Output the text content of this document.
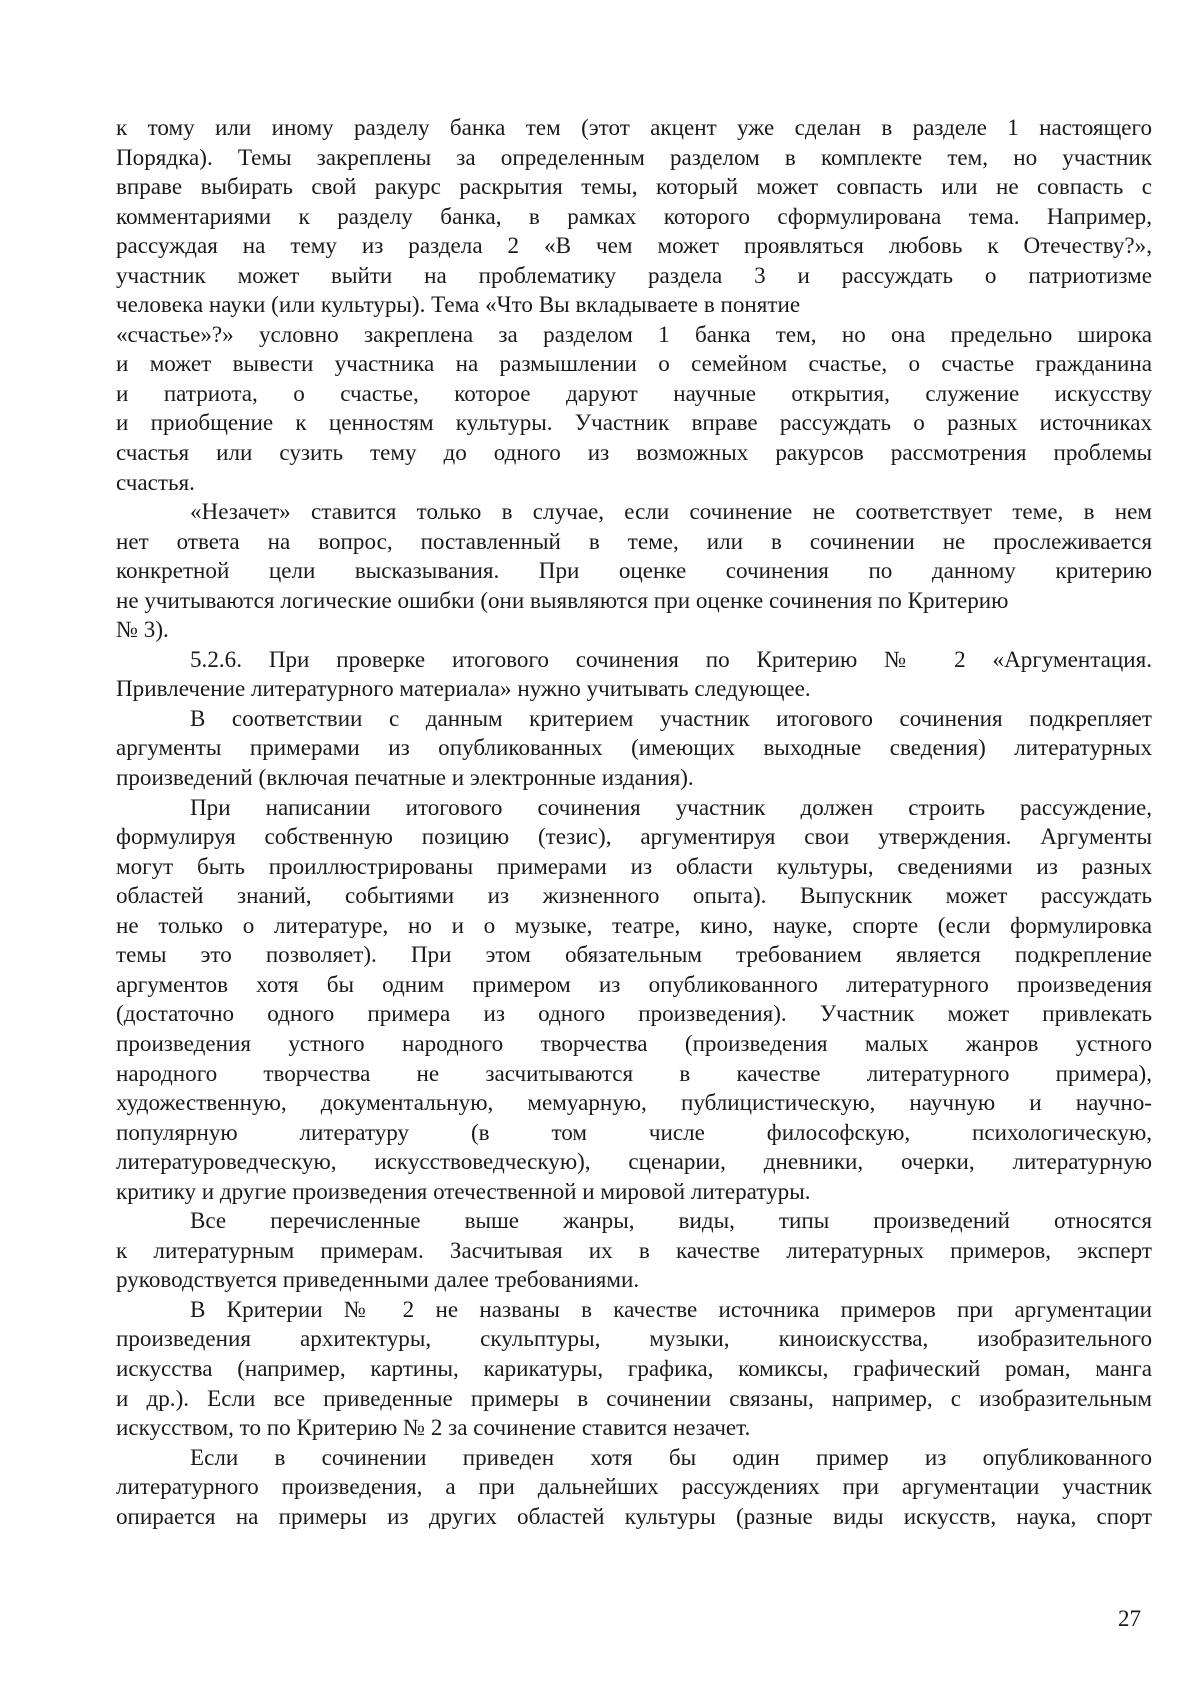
к тому или иному разделу банка тем (этот акцент уже сделан в разделе 1 настоящего
Порядка). Темы закреплены за определенным разделом в комплекте тем, но участник
вправе выбирать свой ракурс раскрытия темы, который может совпасть или не совпасть с
комментариями к разделу банка, в рамках которого сформулирована тема. Например,
рассуждая на тему из раздела 2 «В чем может проявляться любовь к Отечеству?»,
участник может выйти на проблематику раздела 3 и рассуждать о патриотизме
человека науки (или культуры). Тема «Что Вы вкладываете в понятие
«счастье»?» условно закреплена за разделом 1 банка тем, но она предельно широка
и может вывести участника на размышлении о семейном счастье, о счастье гражданина
и патриота, о счастье, которое даруют научные открытия, служение искусству
и приобщение к ценностям культуры. Участник вправе рассуждать о разных источниках
счастья или сузить тему до одного из возможных ракурсов рассмотрения проблемы
счастья.
«Незачет» ставится только в случае, если сочинение не соответствует теме, в нем
нет ответа на вопрос, поставленный в теме, или в сочинении не прослеживается
конкретной цели высказывания. При оценке сочинения по данному критерию
не учитываются логические ошибки (они выявляются при оценке сочинения по Критерию
№ 3).
5.2.6. При проверке итогового сочинения по Критерию № 2 «Аргументация.
Привлечение литературного материала» нужно учитывать следующее.
В соответствии с данным критерием участник итогового сочинения подкрепляет
аргументы примерами из опубликованных (имеющих выходные сведения) литературных
произведений (включая печатные и электронные издания).
При написании итогового сочинения участник должен строить рассуждение,
формулируя собственную позицию (тезис), аргументируя свои утверждения. Аргументы
могут быть проиллюстрированы примерами из области культуры, сведениями из разных
областей знаний, событиями из жизненного опыта). Выпускник может рассуждать
не только о литературе, но и о музыке, театре, кино, науке, спорте (если формулировка
темы это позволяет). При этом обязательным требованием является подкрепление
аргументов хотя бы одним примером из опубликованного литературного произведения
(достаточно одного примера из одного произведения). Участник может привлекать
произведения устного народного творчества (произведения малых жанров устного
народного творчества не засчитываются в качестве литературного примера),
художественную, документальную, мемуарную, публицистическую, научную и научно-
популярную литературу (в том числе философскую, психологическую,
литературоведческую, искусствоведческую), сценарии, дневники, очерки, литературную
критику и другие произведения отечественной и мировой литературы.
Все перечисленные выше жанры, виды, типы произведений относятся
к литературным примерам. Засчитывая их в качестве литературных примеров, эксперт
руководствуется приведенными далее требованиями.
В Критерии № 2 не названы в качестве источника примеров при аргументации
произведения архитектуры, скульптуры, музыки, киноискусства, изобразительного
искусства (например, картины, карикатуры, графика, комиксы, графический роман, манга
и др.). Если все приведенные примеры в сочинении связаны, например, с изобразительным
искусством, то по Критерию № 2 за сочинение ставится незачет.
Если в сочинении приведен хотя бы один пример из опубликованного
литературного произведения, а при дальнейших рассуждениях при аргументации участник
опирается на примеры из других областей культуры (разные виды искусств, наука, спорт
27
